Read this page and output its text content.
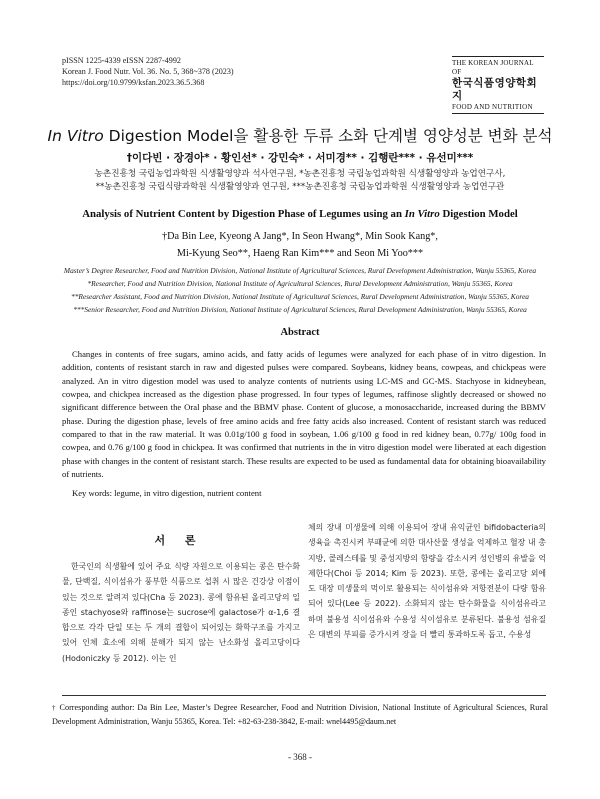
pISSN 1225-4339 eISSN 2287-4992
Korean J. Food Nutr. Vol. 36. No. 5, 368~378 (2023)
https://doi.org/10.9799/ksfan.2023.36.5.368
THE KOREAN JOURNAL OF
한국식품영양학회지
FOOD AND NUTRITION
In Vitro Digestion Model을 활용한 두류 소화 단계별 영양성분 변화 분석
†이다빈 · 장경아* · 황인선* · 강민숙* · 서미경** · 김행란*** · 유선미***
농촌진흥청 국립농업과학원 식생활영양과 석사연구원, *농촌진흥청 국립농업과학원 식생활영양과 농업연구사,
**농촌진흥청 국립식량과학원 식생활영양과 연구원, ***농촌진흥청 국립농업과학원 식생활영양과 농업연구관
Analysis of Nutrient Content by Digestion Phase of Legumes using an In Vitro Digestion Model
†Da Bin Lee, Kyeong A Jang*, In Seon Hwang*, Min Sook Kang*,
Mi-Kyung Seo**, Haeng Ran Kim*** and Seon Mi Yoo***
Master’s Degree Researcher, Food and Nutrition Division, National Institute of Agricultural Sciences, Rural Development Administration, Wanju 55365, Korea
*Researcher, Food and Nutrition Division, National Institute of Agricultural Sciences, Rural Development Administration, Wanju 55365, Korea
**Researcher Assistant, Food and Nutrition Division, National Institute of Agricultural Sciences, Rural Development Administration, Wanju 55365, Korea
***Senior Researcher, Food and Nutrition Division, National Institute of Agricultural Sciences, Rural Development Administration, Wanju 55365, Korea
Abstract
Changes in contents of free sugars, amino acids, and fatty acids of legumes were analyzed for each phase of in vitro digestion. In addition, contents of resistant starch in raw and digested pulses were compared. Soybeans, kidney beans, cowpeas, and chickpeas were analyzed. An in vitro digestion model was used to analyze contents of nutrients using LC-MS and GC-MS. Stachyose in kidneybean, cowpea, and chickpea increased as the digestion phase progressed. In four types of legumes, raffinose slightly decreased or showed no significant difference between the Oral phase and the BBMV phase. Content of glucose, a monosaccharide, increased during the BBMV phase. During the digestion phase, levels of free amino acids and free fatty acids also increased. Content of resistant starch was reduced compared to that in the raw material. It was 0.01g/100 g food in soybean, 1.06 g/100 g food in red kidney bean, 0.77g/ 100g food in cowpea, and 0.76 g/100 g food in chickpea. It was confirmed that nutrients in the in vitro digestion model were liberated at each digestion phase with changes in the content of resistant starch. These results are expected to be used as fundamental data for obtaining bioavailability of nutrients.
Key words: legume, in vitro digestion, nutrient content
서 론
한국인의 식생활에 있어 주요 식량 자원으로 이용되는 콩은 탄수화물, 단백질, 식이섬유가 풍부한 식품으로 섭취 시 많은 건강상 이점이 있는 것으로 알려져 있다(Cha 등 2023). 콩에 함유된 올리고당의 일종인 stachyose와 raffinose는 sucrose에 galactose가 α-1,6 결합으로 각각 단일 또는 두 개의 결합이 되어있는 화학구조를 가지고 있어 인체 효소에 의해 분해가 되지 않는 난소화성 올리고당이다(Hodoniczky 등 2012). 이는 인
체의 장내 미생물에 의해 이용되어 장내 유익균인 bifidobacteria의 생육을 촉진시켜 부패균에 의한 대사산물 생성을 억제하고 혈장 내 총지방, 콜레스테롤 및 중성지방의 함량을 감소시켜 성인병의 유발을 억제한다(Choi 등 2014; Kim 등 2023). 또한, 콩에는 올리고당 외에도 대장 미생물의 먹이로 활용되는 식이섬유와 저항전분이 다량 함유되어 있다(Lee 등 2022). 소화되지 않는 탄수화물을 식이섬유라고 하며 불용성 식이섬유와 수용성 식이섬유로 분류된다. 불용성 섬유질은 대변의 부피를 증가시켜 장을 더 빨리 통과하도록 돕고, 수용성
† Corresponding author: Da Bin Lee, Master’s Degree Researcher, Food and Nutrition Division, National Institute of Agricultural Sciences, Rural Development Administration, Wanju 55365, Korea. Tel: +82-63-238-3842, E-mail: wnel4495@daum.net
- 368 -
